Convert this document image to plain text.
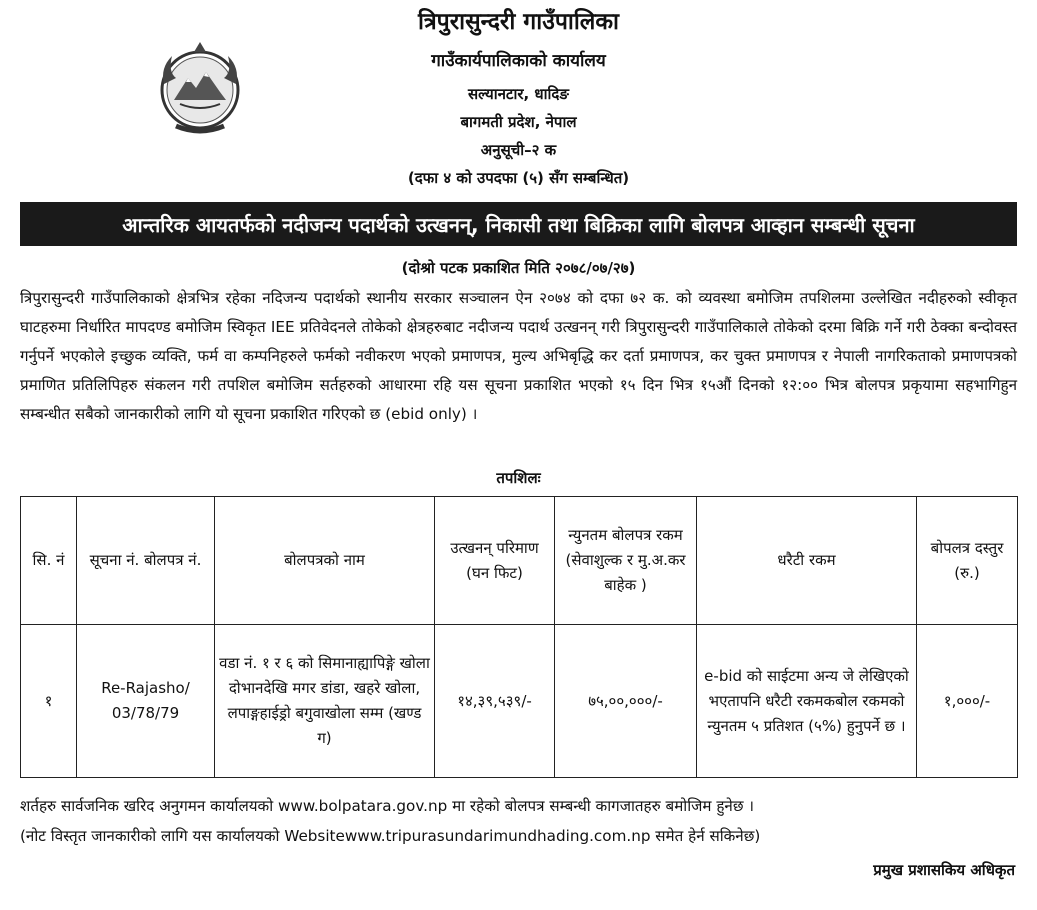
त्रिपुरासुन्दरी गाउँपालिका
गाउँकार्यपालिकाको कार्यालय
सल्यानटार, धादिङ
बागमती प्रदेश, नेपाल
अनुसूची–२ क
(दफा ४ को उपदफा (५) सँग सम्बन्धित)
आन्तरिक आयतर्फको नदीजन्य पदार्थको उत्खनन्, निकासी तथा बिक्रिका लागि बोलपत्र आव्हान सम्बन्धी सूचना
(दोश्रो पटक प्रकाशित मिति २०७८/०७/२७)
त्रिपुरासुन्दरी गाउँपालिकाको क्षेत्रभित्र रहेका नदिजन्य पदार्थको स्थानीय सरकार सञ्चालन ऐन २०७४ को दफा ७२ क. को व्यवस्था बमोजिम तपशिलमा उल्लेखित नदीहरुको स्वीकृत घाटहरुमा निर्धारित मापदण्ड बमोजिम स्विकृत IEE प्रतिवेदनले तोकेको क्षेत्रहरुबाट नदीजन्य पदार्थ उत्खनन् गरी त्रिपुरासुन्दरी गाउँपालिकाले तोकेको दरमा बिक्रि गर्ने गरी ठेक्का बन्दोवस्त गर्नुपर्ने भएकोले इच्छुक व्यक्ति, फर्म वा कम्पनिहरुले फर्मको नवीकरण भएको प्रमाणपत्र, मुल्य अभिबृद्धि कर दर्ता प्रमाणपत्र, कर चुक्त प्रमाणपत्र र नेपाली नागरिकताको प्रमाणपत्रको प्रमाणित प्रतिलिपिहरु संकलन गरी तपशिल बमोजिम सर्तहरुको आधारमा रहि यस सूचना प्रकाशित भएको १५ दिन भित्र १५औं दिनको १२:०० भित्र बोलपत्र प्रकृयामा सहभागिहुन सम्बन्धीत सबैको जानकारीको लागि यो सूचना प्रकाशित गरिएको छ (ebid only) ।
तपशिलः
सि. नं	सूचना नं. बोलपत्र नं.	बोलपत्रको नाम	उत्खनन् परिमाण (घन फिट)	न्युनतम बोलपत्र रकम (सेवाशुल्क र मु.अ.कर बाहेक )	धरैटी रकम	बोपलत्र दस्तुर (रु.)
१	Re-Rajasho/ 03/78/79	वडा नं. १ र ६ को सिमानाह्यापिङ्गे खोला दोभानदेखि मगर डांडा, खहरे खोला, लपाङ्गहाईड्रो बगुवाखोला सम्म (खण्ड ग)	१४,३९,५३९/-	७५,००,०००/-	e-bid को साईटमा अन्य जे लेखिएको भएतापनि धरैटी रकमकबोल रकमको न्युनतम ५ प्रतिशत (५%) हुनुपर्ने छ ।	१,०००/-
शर्तहरु सार्वजनिक खरिद अनुगमन कार्यालयको www.bolpatara.gov.np मा रहेको बोलपत्र सम्बन्धी कागजातहरु बमोजिम हुनेछ ।
(नोट विस्तृत जानकारीको लागि यस कार्यालयको Websitewww.tripurasundarimundhading.com.np समेत हेर्न सकिनेछ)
प्रमुख प्रशासकिय अधिकृत
